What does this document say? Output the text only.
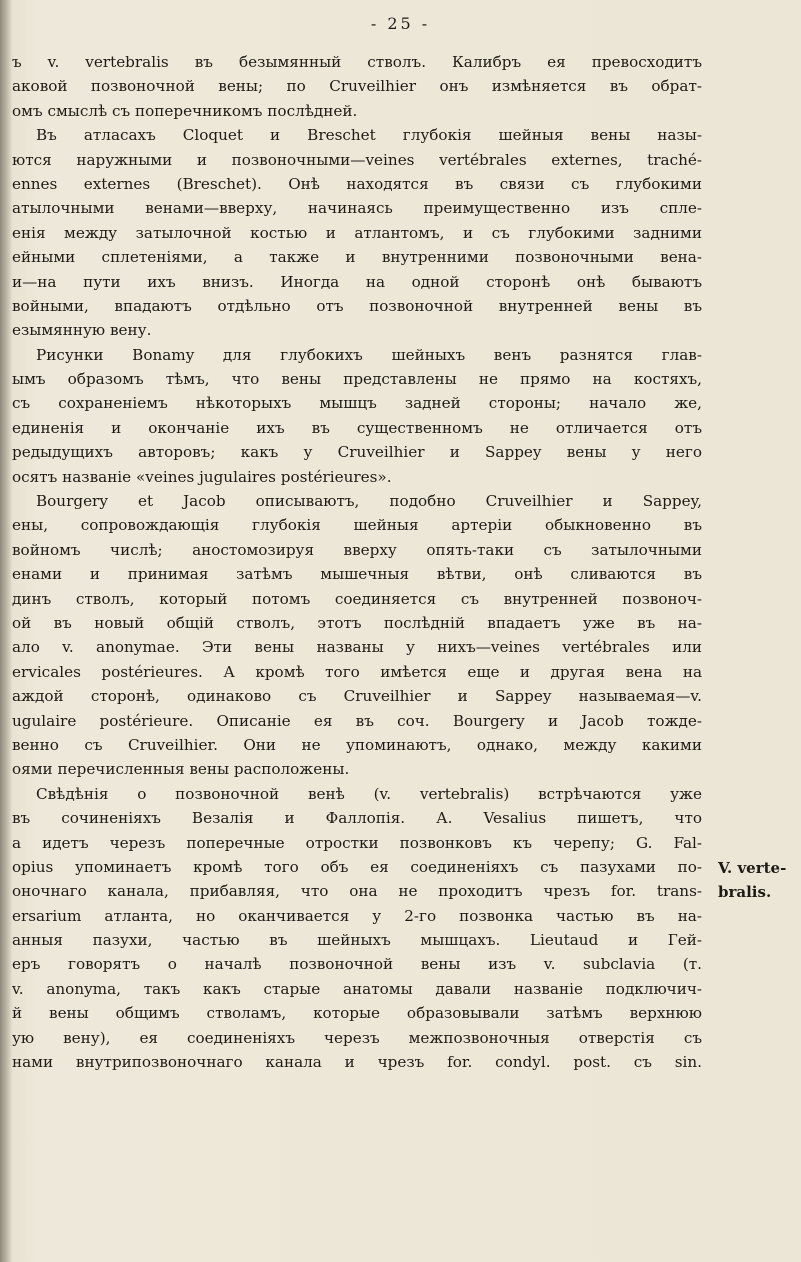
- 25 -
ъ v. vertebralis въ безымянный стволъ. Калибръ ея превосходитъ
аковой позвоночной вены; по Cruveilhier онъ измѣняется въ обрат-
омъ смыслѣ съ поперечникомъ послѣдней.
Въ атласахъ Cloquet и Breschet глубокія шейныя вены назы-
ются наружными и позвоночными—veines vertébrales externes, traché-
ennes externes (Breschet). Онѣ находятся въ связи съ глубокими
атылочными венами—вверху, начинаясь преимущественно изъ спле-
енія между затылочной костью и атлантомъ, и съ глубокими задними
ейными сплетеніями, а также и внутренними позвоночными вена-
и—на пути ихъ внизъ. Иногда на одной сторонѣ онѣ бываютъ
войными, впадаютъ отдѣльно отъ позвоночной внутренней вены въ
езымянную вену.
Рисунки Bonamy для глубокихъ шейныхъ венъ разнятся глав-
ымъ образомъ тѣмъ, что вены представлены не прямо на костяхъ,
съ сохраненіемъ нѣкоторыхъ мышцъ задней стороны; начало же,
единенія и окончаніе ихъ въ существенномъ не отличается отъ
редыдущихъ авторовъ; какъ у Cruveilhier и Sappey вены у него
осятъ названіе «veines jugulaires postérieures».
Bourgery et Jacob описываютъ, подобно Cruveilhier и Sappey,
ены, сопровождающія глубокія шейныя артеріи обыкновенно въ
войномъ числѣ; аностомозируя вверху опять-таки съ затылочными
енами и принимая затѣмъ мышечныя вѣтви, онѣ сливаются въ
динъ стволъ, который потомъ соединяется съ внутренней позвоноч-
ой въ новый общій стволъ, этотъ послѣдній впадаетъ уже въ на-
ало v. anonymae. Эти вены названы у нихъ—veines vertébrales или
ervicales postérieures. А кромѣ того имѣется еще и другая вена на
аждой сторонѣ, одинаково съ Cruveilhier и Sappey называемая—v.
ugulaire postérieure. Описаніе ея въ соч. Bourgery и Jacob тожде-
венно съ Cruveilhier. Они не упоминаютъ, однако, между какими
оями перечисленныя вены расположены.
Свѣдѣнія о позвоночной венѣ (v. vertebralis) встрѣчаются уже
въ сочиненіяхъ Везалія и Фаллопія. А. Vesalius пишетъ, что
а идетъ черезъ поперечные отростки позвонковъ къ черепу; G. Fal-
opius упоминаетъ кромѣ того объ ея соединеніяхъ съ пазухами по-
оночнаго канала, прибавляя, что она не проходитъ чрезъ for. trans-
ersarium атланта, но оканчивается у 2-го позвонка частью въ на-
анныя пазухи, частью въ шейныхъ мышцахъ. Lieutaud и Гей-
еръ говорятъ о началѣ позвоночной вены изъ v. subclavia (т.
v. anonyma, такъ какъ старые анатомы давали названіе подключич-
й вены общимъ стволамъ, которые образовывали затѣмъ верхнюю
ую вену), ея соединеніяхъ черезъ межпозвоночныя отверстія съ
нами внутрипозвоночнаго канала и чрезъ for. condyl. post. съ sin.
V. verte-
bralis.
